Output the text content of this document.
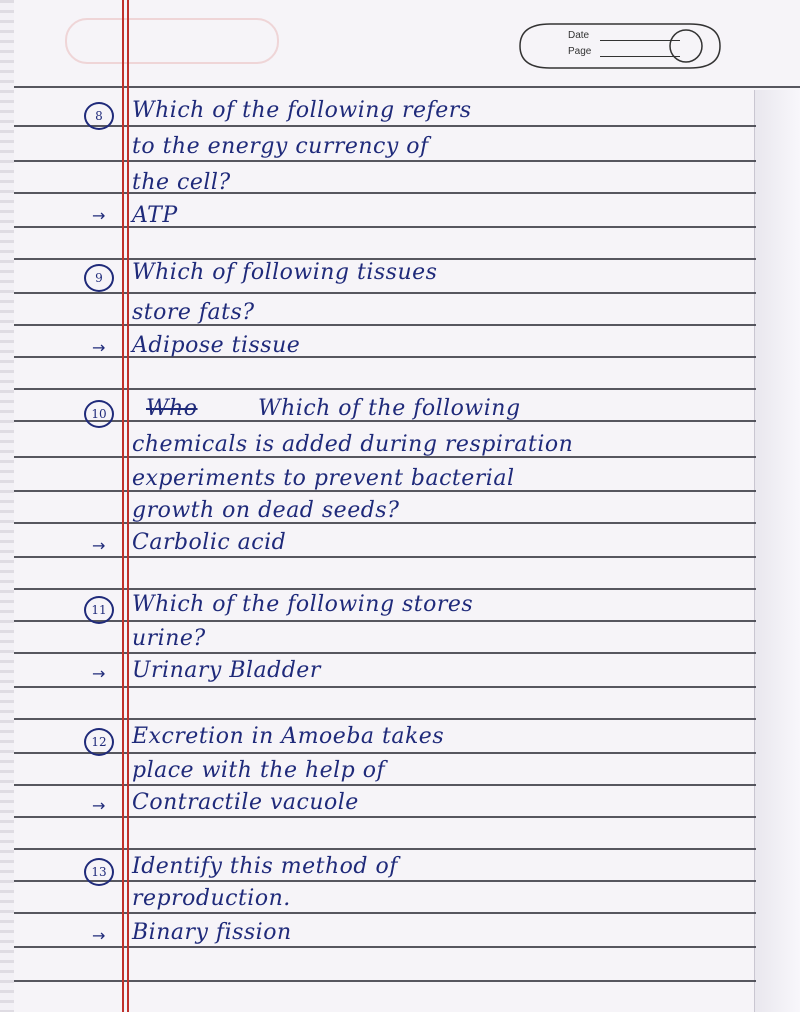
Date
Page
8	Which of the following refers
to the energy currency of
the cell?
→ ATP
9	Which of following tissues
store fats?
→ Adipose tissue
10	Who	Which of the following
chemicals is added during respiration
experiments to prevent bacterial
growth on dead seeds?
→ Carbolic acid
11	Which of the following stores
urine?
→ Urinary Bladder
12	Excretion in Amoeba takes
place with the help of
→ Contractile vacuole
13	Identify this method of
reproduction.
→ Binary fission
